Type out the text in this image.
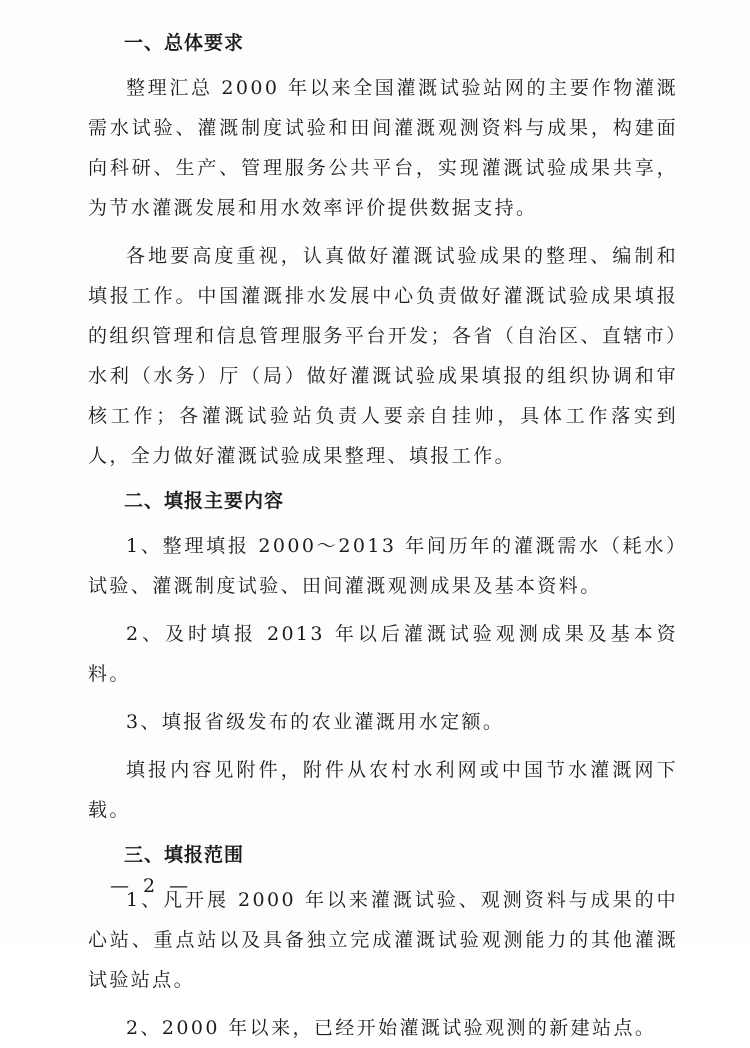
一、总体要求

整理汇总 2000 年以来全国灌溉试验站网的主要作物灌溉需水试验、灌溉制度试验和田间灌溉观测资料与成果，构建面向科研、生产、管理服务公共平台，实现灌溉试验成果共享，为节水灌溉发展和用水效率评价提供数据支持。

各地要高度重视，认真做好灌溉试验成果的整理、编制和填报工作。中国灌溉排水发展中心负责做好灌溉试验成果填报的组织管理和信息管理服务平台开发；各省（自治区、直辖市）水利（水务）厅（局）做好灌溉试验成果填报的组织协调和审核工作；各灌溉试验站负责人要亲自挂帅，具体工作落实到人，全力做好灌溉试验成果整理、填报工作。

二、填报主要内容

1、整理填报 2000～2013 年间历年的灌溉需水（耗水）试验、灌溉制度试验、田间灌溉观测成果及基本资料。

2、及时填报 2013 年以后灌溉试验观测成果及基本资料。

3、填报省级发布的农业灌溉用水定额。

填报内容见附件，附件从农村水利网或中国节水灌溉网下载。

三、填报范围

1、凡开展 2000 年以来灌溉试验、观测资料与成果的中心站、重点站以及具备独立完成灌溉试验观测能力的其他灌溉试验站点。

2、2000 年以来，已经开始灌溉试验观测的新建站点。

— 2 —
